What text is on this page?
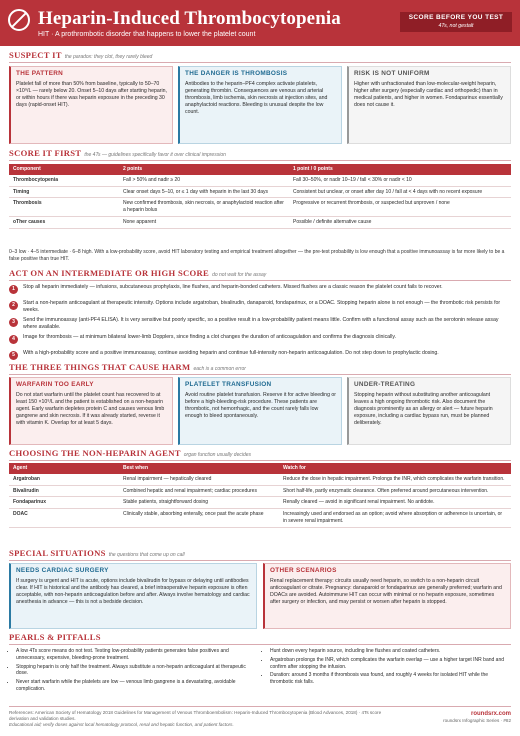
Heparin-Induced Thrombocytopenia
HIT · A prothrombotic disorder that happens to lower the platelet count
SCORE BEFORE YOU TEST
4Ts, not gestalt
SUSPECT IT the paradox: they clot, they rarely bleed
THE PATTERN
Platelet fall of more than 50% from baseline, typically to 50–70 ×10⁹/L — rarely below 20. Onset 5–10 days after starting heparin, or within hours if there was heparin exposure in the preceding 30 days (rapid-onset HIT).
THE DANGER IS THROMBOSIS
Antibodies to the heparin–PF4 complex activate platelets, generating thrombin. Consequences are venous and arterial thrombosis, limb ischemia, skin necrosis at injection sites, and anaphylactoid reactions. Bleeding is unusual despite the low count.
RISK IS NOT UNIFORM
Higher with unfractionated than low-molecular-weight heparin, higher after surgery (especially cardiac and orthopedic) than in medical patients, and higher in women. Fondaparinux essentially does not cause it.
SCORE IT FIRST the 4Ts — guidelines specifically favor it over clinical impression
Component	2 points	1 point / 0 points
Thrombocytopenia	Fall > 50% and nadir ≥ 20	Fall 30–50%, or nadir 10–19 / fall < 30% or nadir < 10
Timing	Clear onset days 5–10, or ≤ 1 day with heparin in the last 30 days	Consistent but unclear, or onset after day 10 / fall at < 4 days with no recent exposure
Thrombosis	New confirmed thrombosis, skin necrosis, or anaphylactoid reaction after a heparin bolus	Progressive or recurrent thrombosis, or suspected but unproven / none
oTher causes	None apparent	Possible / definite alternative cause
0–3 low · 4–5 intermediate · 6–8 high. With a low-probability score, avoid HIT laboratory testing and empirical treatment altogether — the pre-test probability is low enough that a positive immunoassay is far more likely to be a false positive than true HIT.
ACT ON AN INTERMEDIATE OR HIGH SCORE do not wait for the assay
1	Stop all heparin immediately — infusions, subcutaneous prophylaxis, line flushes, and heparin-bonded catheters. Missed flushes are a classic reason the platelet count fails to recover.
2	Start a non-heparin anticoagulant at therapeutic intensity. Options include argatroban, bivalirudin, danaparoid, fondaparinux, or a DOAC. Stopping heparin alone is not enough — the thrombotic risk persists for weeks.
3	Send the immunoassay (anti-PF4 ELISA). It is very sensitive but poorly specific, so a positive result in a low-probability patient means little. Confirm with a functional assay such as the serotonin release assay where available.
4	Image for thrombosis — at minimum bilateral lower-limb Dopplers, since finding a clot changes the duration of anticoagulation and confirms the diagnosis clinically.
5	With a high-probability score and a positive immunoassay, continue avoiding heparin and continue full-intensity non-heparin anticoagulation. Do not step down to prophylactic dosing.
THE THREE THINGS THAT CAUSE HARM each is a common error
WARFARIN TOO EARLY
Do not start warfarin until the platelet count has recovered to at least 150 ×10⁹/L and the patient is established on a non-heparin agent. Early warfarin depletes protein C and causes venous limb gangrene and skin necrosis. If it was already started, reverse it with vitamin K. Overlap for at least 5 days.
PLATELET TRANSFUSION
Avoid routine platelet transfusion. Reserve it for active bleeding or before a high-bleeding-risk procedure. These patients are thrombotic, not hemorrhagic, and the count rarely falls low enough to bleed spontaneously.
UNDER-TREATING
Stopping heparin without substituting another anticoagulant leaves a high ongoing thrombotic risk. Also document the diagnosis prominently as an allergy or alert — future heparin exposure, including a cardiac bypass run, must be planned deliberately.
CHOOSING THE NON-HEPARIN AGENT organ function usually decides
Agent	Best when	Watch for
Argatroban	Renal impairment — hepatically cleared	Reduce the dose in hepatic impairment. Prolongs the INR, which complicates the warfarin transition.
Bivalirudin	Combined hepatic and renal impairment; cardiac procedures	Short half-life, partly enzymatic clearance. Often preferred around percutaneous intervention.
Fondaparinux	Stable patients, straightforward dosing	Renally cleared — avoid in significant renal impairment. No antidote.
DOAC	Clinically stable, absorbing enterally, once past the acute phase	Increasingly used and endorsed as an option; avoid where absorption or adherence is uncertain, or in severe renal impairment.
SPECIAL SITUATIONS the questions that come up on call
NEEDS CARDIAC SURGERY
If surgery is urgent and HIT is acute, options include bivalirudin for bypass or delaying until antibodies clear. If HIT is historical and the antibody has cleared, a brief intraoperative heparin exposure is often acceptable, with non-heparin anticoagulation before and after. Always involve hematology and cardiac anesthesia in advance — this is not a bedside decision.
OTHER SCENARIOS
Renal replacement therapy: circuits usually need heparin, so switch to a non-heparin circuit anticoagulant or citrate. Pregnancy: danaparoid or fondaparinux are generally preferred; warfarin and DOACs are avoided. Autoimmune HIT can occur with minimal or no heparin exposure, sometimes after surgery or infection, and may persist or worsen after heparin is stopped.
PEARLS & PITFALLS
• A low 4Ts score means do not test. Testing low-probability patients generates false positives and unnecessary, expensive, bleeding-prone treatment.
• Stopping heparin is only half the treatment. Always substitute a non-heparin anticoagulant at therapeutic dose.
• Never start warfarin while the platelets are low — venous limb gangrene is a devastating, avoidable complication.
• Hunt down every heparin source, including line flushes and coated catheters.
• Argatroban prolongs the INR, which complicates the warfarin overlap — use a higher target INR band and confirm after stopping the infusion.
• Duration: around 3 months if thrombosis was found, and roughly 4 weeks for isolated HIT while the thrombotic risk falls.
References: American Society of Hematology 2018 Guidelines for Management of Venous Thromboembolism: Heparin-Induced Thrombocytopenia (Blood Advances, 2018) · 4Ts score derivation and validation studies.
Educational aid; verify doses against local hematology protocol, renal and hepatic function, and patient factors.
roundsrx.com
roundsrx Infographic Series · #82
